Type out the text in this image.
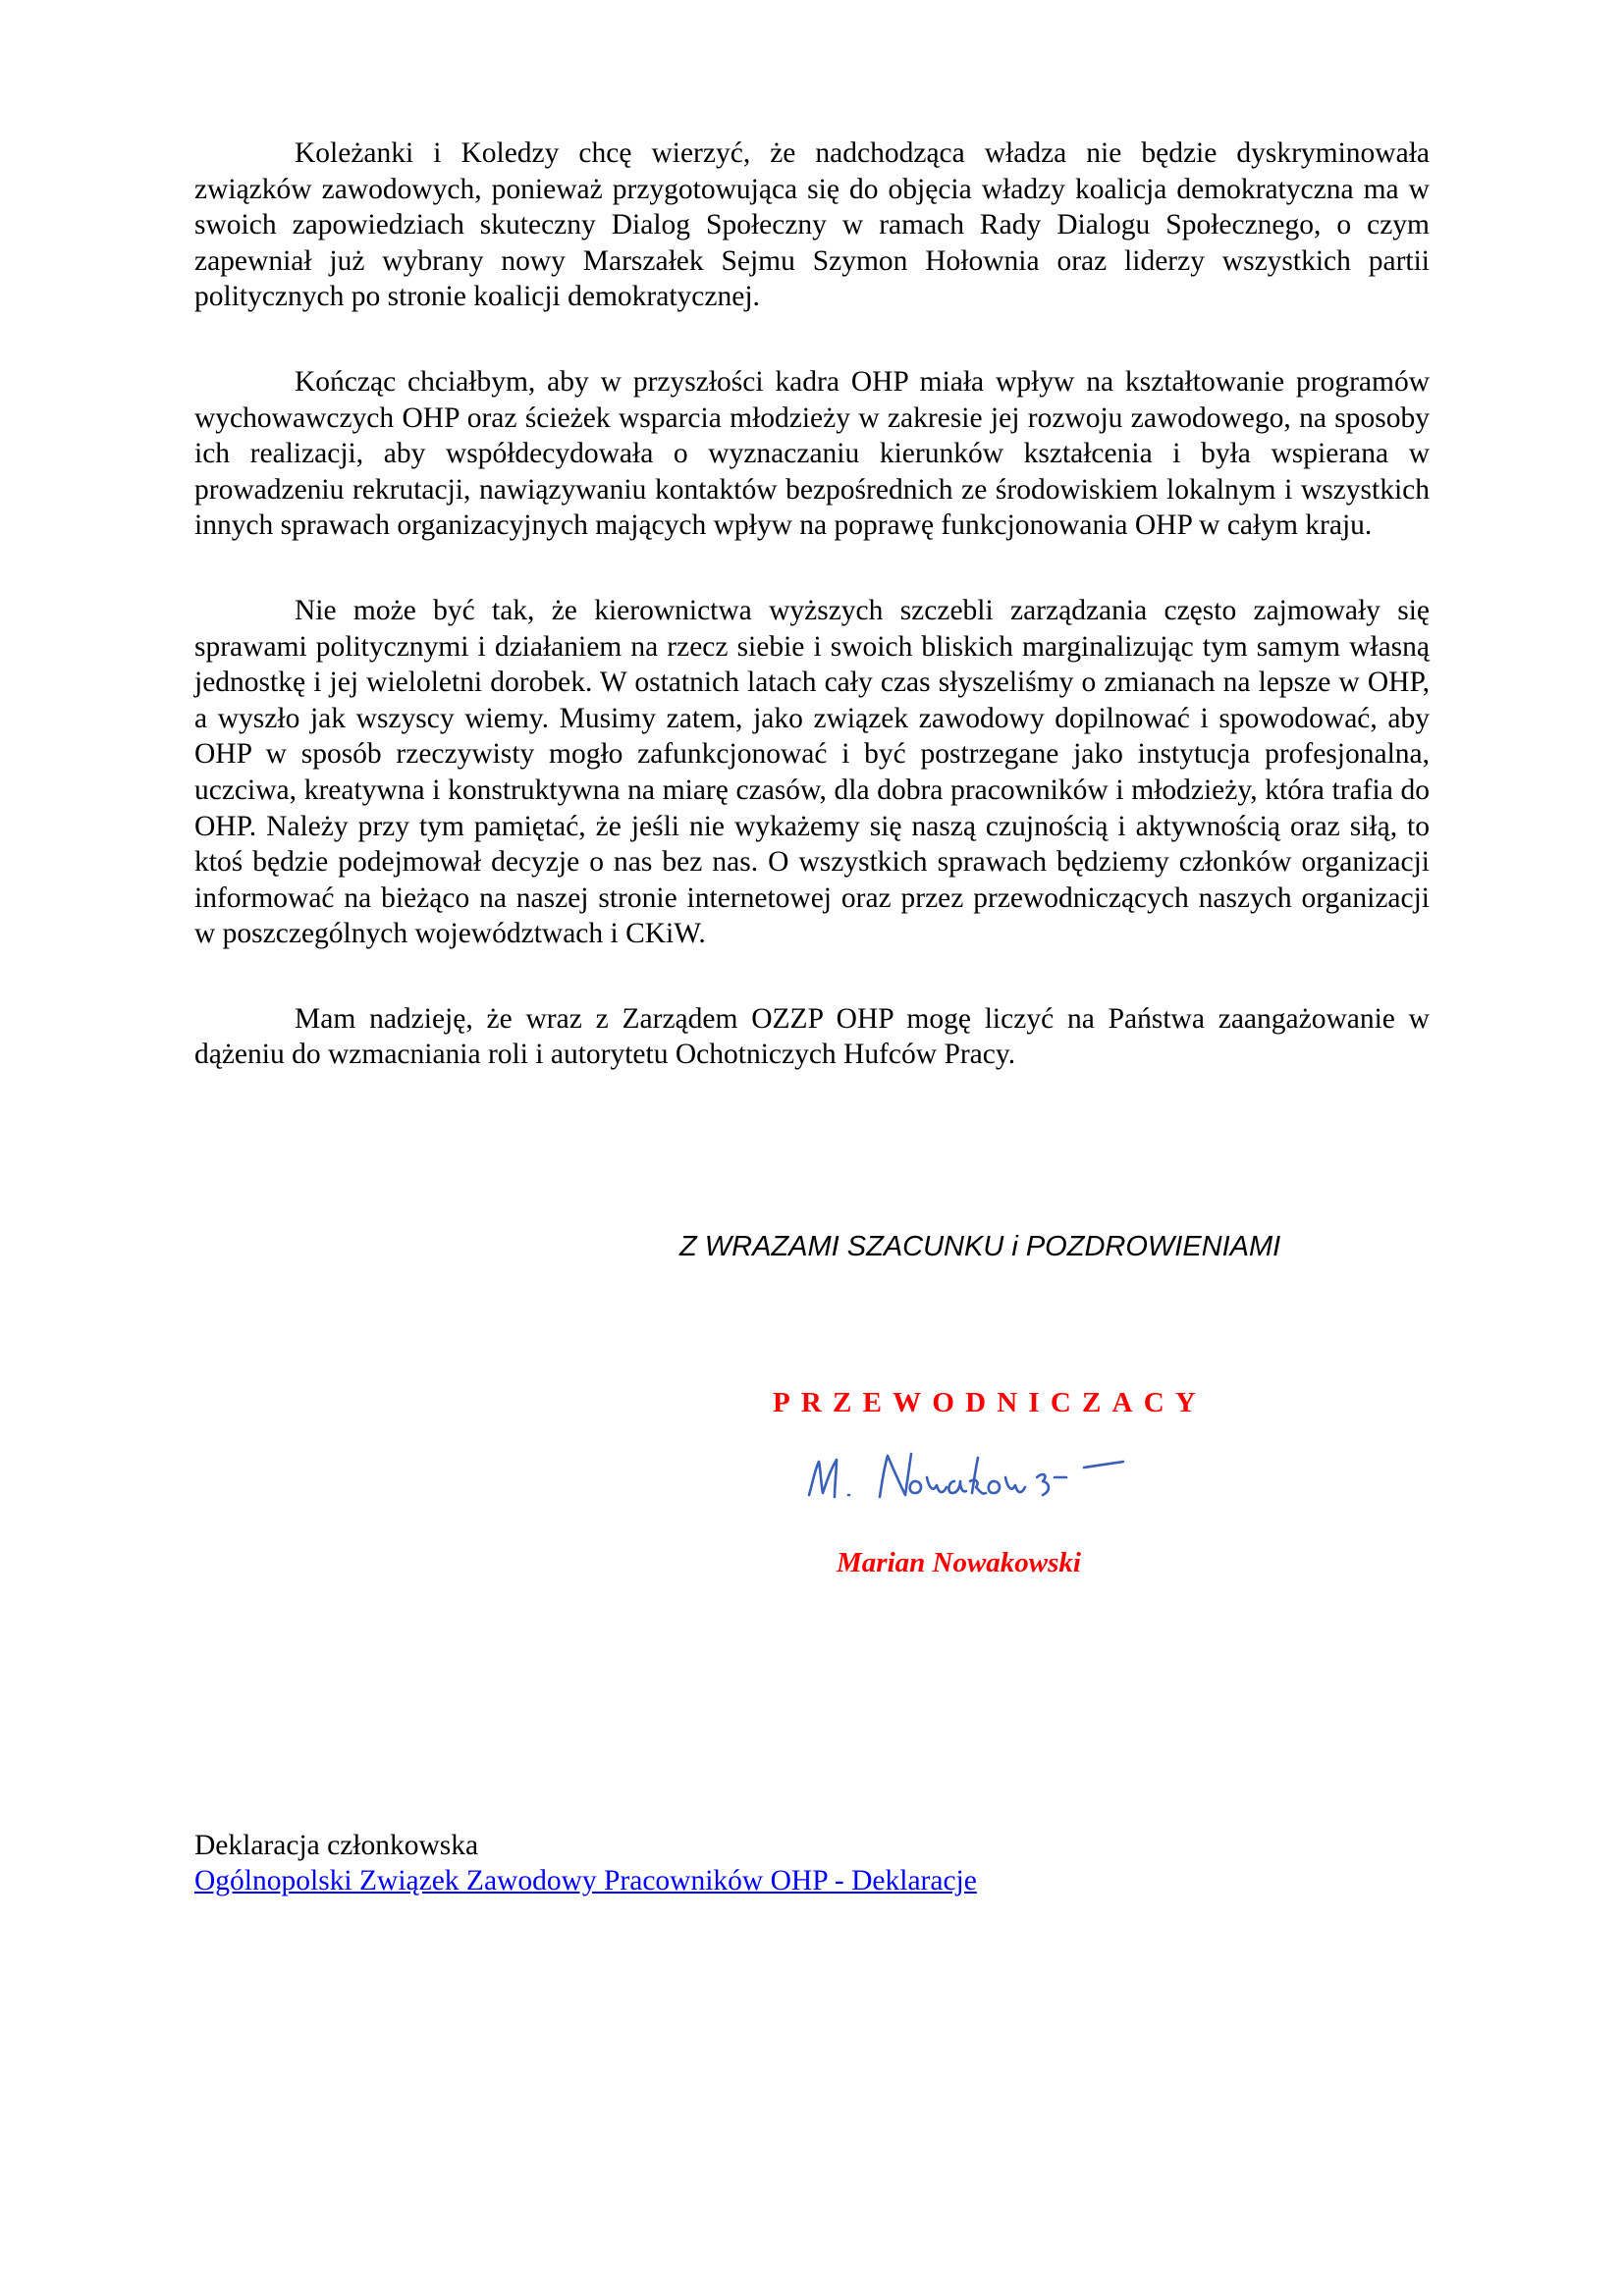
Koleżanki i Koledzy chcę wierzyć, że nadchodząca władza nie będzie dyskryminowała związków zawodowych, ponieważ przygotowująca się do objęcia władzy koalicja demokratyczna ma w swoich zapowiedziach skuteczny Dialog Społeczny w ramach Rady Dialogu Społecznego, o czym zapewniał już wybrany nowy Marszałek Sejmu Szymon Hołownia oraz liderzy wszystkich partii politycznych po stronie koalicji demokratycznej.

Kończąc chciałbym, aby w przyszłości kadra OHP miała wpływ na kształtowanie programów wychowawczych OHP oraz ścieżek wsparcia młodzieży w zakresie jej rozwoju zawodowego, na sposoby ich realizacji, aby współdecydowała o wyznaczaniu kierunków kształcenia i była wspierana w prowadzeniu rekrutacji, nawiązywaniu kontaktów bezpośrednich ze środowiskiem lokalnym i wszystkich innych sprawach organizacyjnych mających wpływ na poprawę funkcjonowania OHP w całym kraju.

Nie może być tak, że kierownictwa wyższych szczebli zarządzania często zajmowały się sprawami politycznymi i działaniem na rzecz siebie i swoich bliskich marginalizując tym samym własną jednostkę i jej wieloletni dorobek. W ostatnich latach cały czas słyszeliśmy o zmianach na lepsze w OHP, a wyszło jak wszyscy wiemy. Musimy zatem, jako związek zawodowy dopilnować i spowodować, aby OHP w sposób rzeczywisty mogło zafunkcjonować i być postrzegane jako instytucja profesjonalna, uczciwa, kreatywna i konstruktywna na miarę czasów, dla dobra pracowników i młodzieży, która trafia do OHP. Należy przy tym pamiętać, że jeśli nie wykażemy się naszą czujnością i aktywnością oraz siłą, to ktoś będzie podejmował decyzje o nas bez nas. O wszystkich sprawach będziemy członków organizacji informować na bieżąco na naszej stronie internetowej oraz przez przewodniczących naszych organizacji w poszczególnych województwach i CKiW.

Mam nadzieję, że wraz z Zarządem OZZP OHP mogę liczyć na Państwa zaangażowanie w dążeniu do wzmacniania roli i autorytetu Ochotniczych Hufców Pracy.

Z WRAZAMI SZACUNKU i POZDROWIENIAMI
PRZEWODNICZACY
Marian Nowakowski
Deklaracja członkowska
Ogólnopolski Związek Zawodowy Pracowników OHP - Deklaracje
